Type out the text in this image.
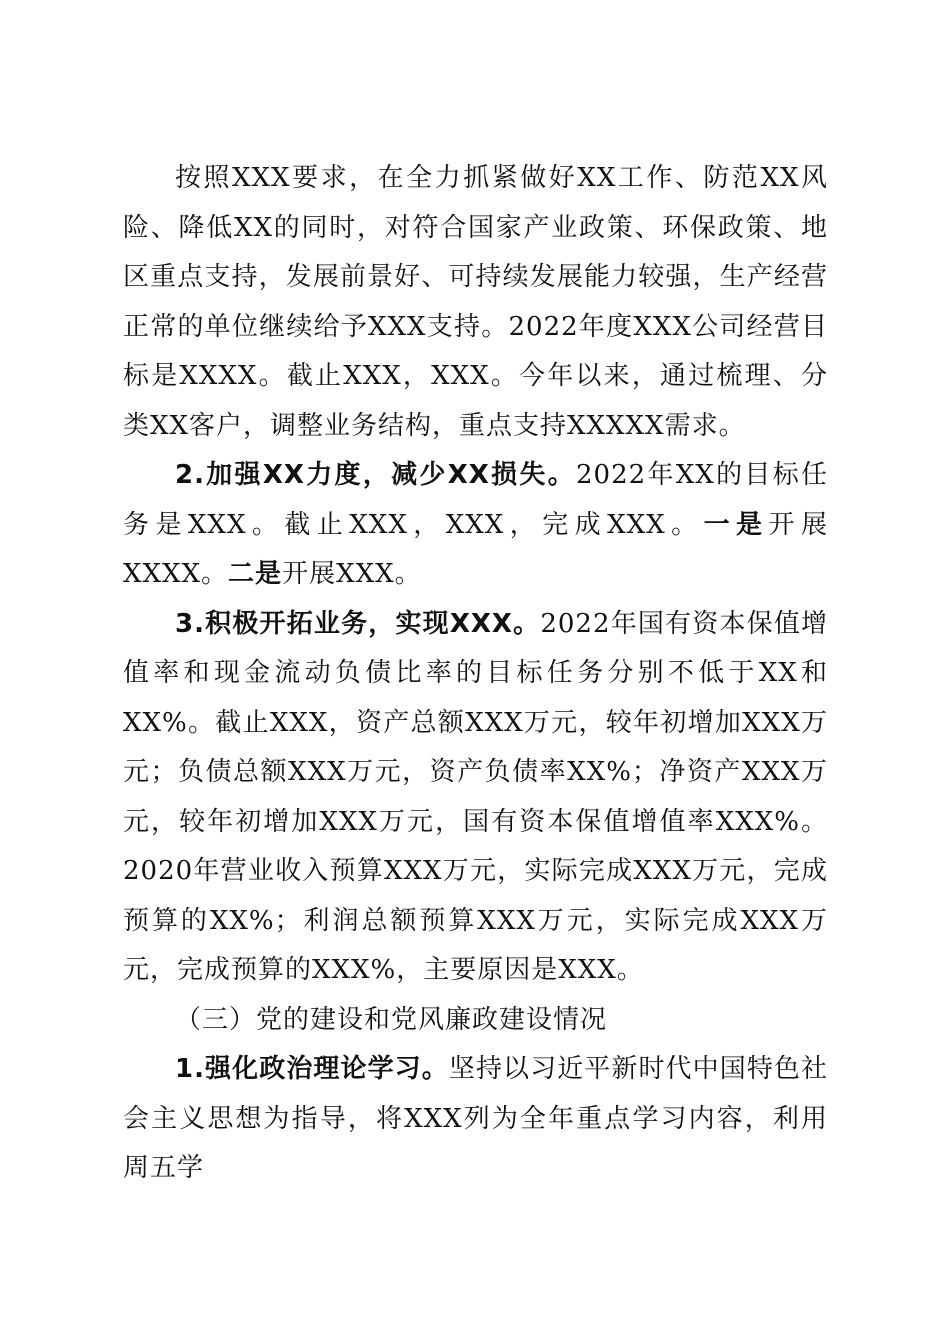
按照XXX要求，在全力抓紧做好XX工作、防范XX风险、降低XX的同时，对符合国家产业政策、环保政策、地区重点支持，发展前景好、可持续发展能力较强，生产经营正常的单位继续给予XXX支持。2022年度XXX公司经营目标是XXXX。截止XXX，XXX。今年以来，通过梳理、分类XX客户，调整业务结构，重点支持XXXXX需求。

2.加强XX力度，减少XX损失。2022年XX的目标任务是XXX。截止XXX，XXX，完成XXX。一是开展XXXX。二是开展XXX。

3.积极开拓业务，实现XXX。2022年国有资本保值增值率和现金流动负债比率的目标任务分别不低于XX和XX%。截止XXX，资产总额XXX万元，较年初增加XXX万元；负债总额XXX万元，资产负债率XX%；净资产XXX万元，较年初增加XXX万元，国有资本保值增值率XXX%。2020年营业收入预算XXX万元，实际完成XXX万元，完成预算的XX%；利润总额预算XXX万元，实际完成XXX万元，完成预算的XXX%，主要原因是XXX。

（三）党的建设和党风廉政建设情况

1.强化政治理论学习。坚持以习近平新时代中国特色社会主义思想为指导，将XXX列为全年重点学习内容，利用周五学
